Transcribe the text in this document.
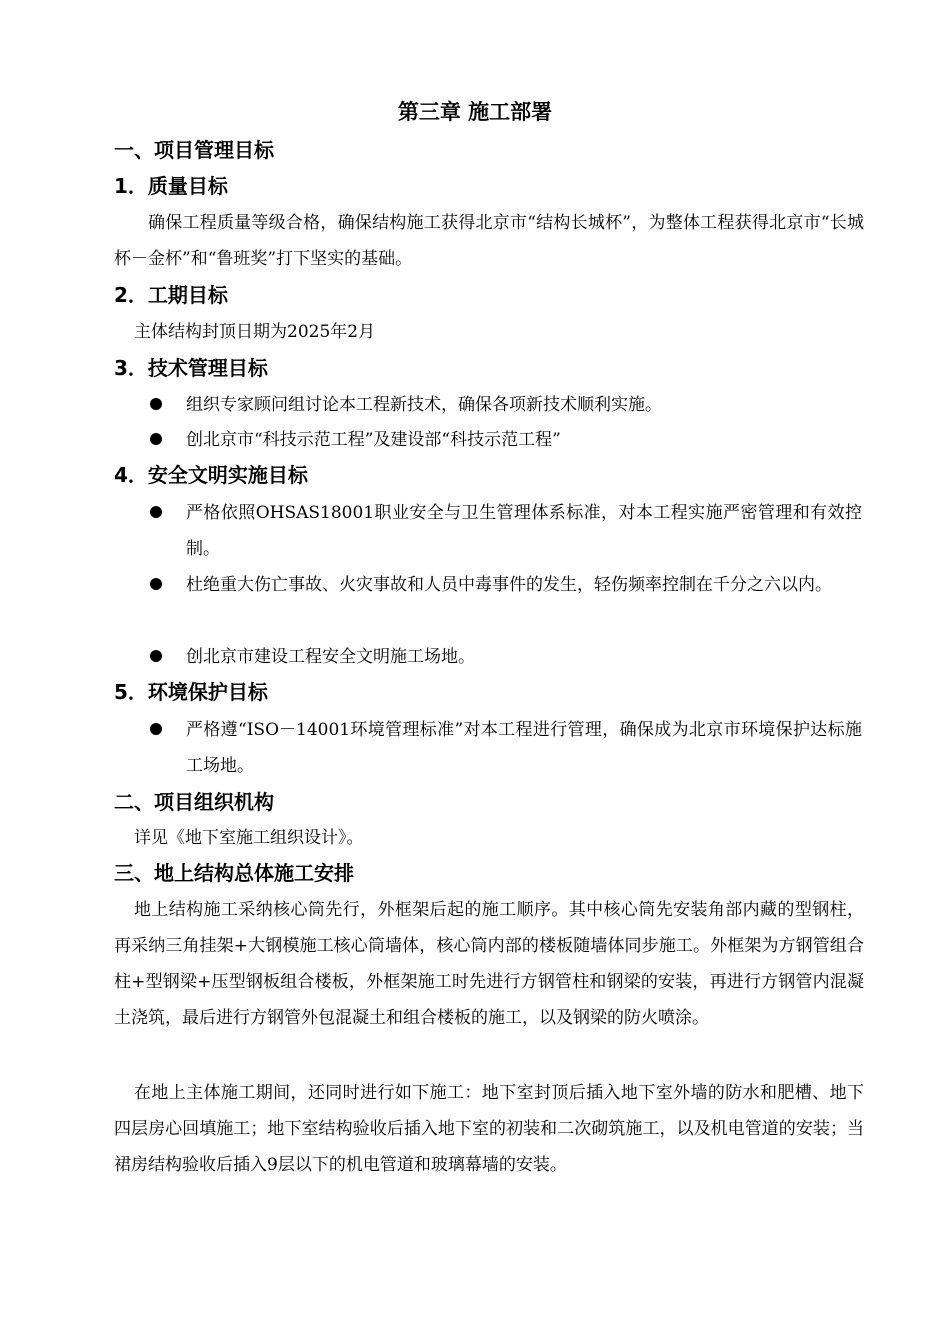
第三章 施工部署
一、项目管理目标
1．质量目标
确保工程质量等级合格，确保结构施工获得北京市“结构长城杯”，为整体工程获得北京市“长城杯－金杯”和“鲁班奖”打下坚实的基础。
2．工期目标
主体结构封顶日期为2025年2月
3．技术管理目标
组织专家顾问组讨论本工程新技术，确保各项新技术顺利实施。
创北京市“科技示范工程”及建设部“科技示范工程”
4．安全文明实施目标
严格依照OHSAS18001职业安全与卫生管理体系标准，对本工程实施严密管理和有效控制。
杜绝重大伤亡事故、火灾事故和人员中毒事件的发生，轻伤频率控制在千分之六以内。
创北京市建设工程安全文明施工场地。
5．环境保护目标
严格遵“ISO－14001环境管理标准”对本工程进行管理，确保成为北京市环境保护达标施工场地。
二、项目组织机构
详见《地下室施工组织设计》。
三、地上结构总体施工安排
地上结构施工采纳核心筒先行，外框架后起的施工顺序。其中核心筒先安装角部内藏的型钢柱，再采纳三角挂架+大钢模施工核心筒墙体，核心筒内部的楼板随墙体同步施工。外框架为方钢管组合柱+型钢梁+压型钢板组合楼板，外框架施工时先进行方钢管柱和钢梁的安装，再进行方钢管内混凝土浇筑，最后进行方钢管外包混凝土和组合楼板的施工，以及钢梁的防火喷涂。
在地上主体施工期间，还同时进行如下施工：地下室封顶后插入地下室外墙的防水和肥槽、地下四层房心回填施工；地下室结构验收后插入地下室的初装和二次砌筑施工，以及机电管道的安装；当裙房结构验收后插入9层以下的机电管道和玻璃幕墙的安装。
